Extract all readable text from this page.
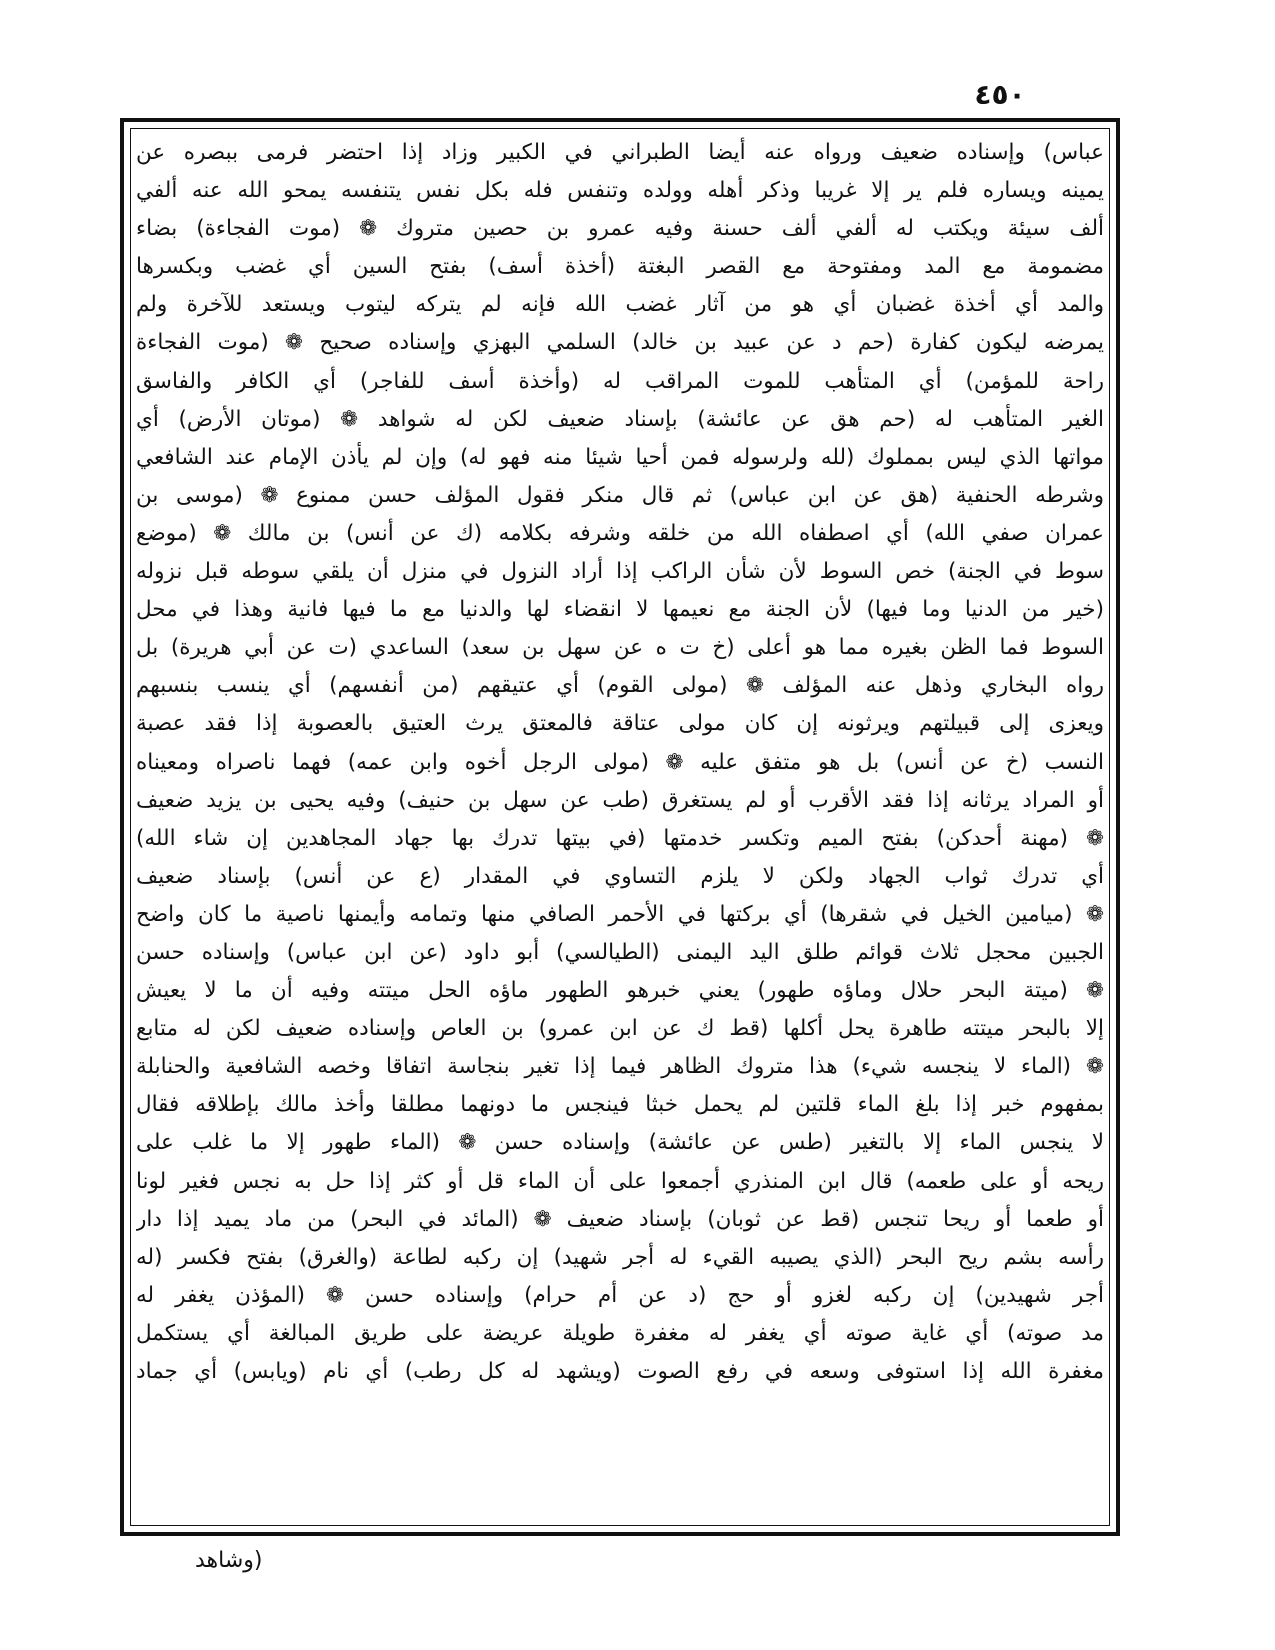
٤٥٠
عباس) وإسناده ضعيف ورواه عنه أيضا الطبراني في الكبير وزاد إذا احتضر فرمى ببصره عن
يمينه ويساره فلم ير إلا غريبا وذكر أهله وولده وتنفس فله بكل نفس يتنفسه يمحو الله عنه ألفي
ألف سيئة ويكتب له ألفي ألف حسنة وفيه عمرو بن حصين متروك ❁ (موت الفجاءة) بضاء
مضمومة مع المد ومفتوحة مع القصر البغتة (أخذة أسف) بفتح السين أي غضب وبكسرها
والمد أي أخذة غضبان أي هو من آثار غضب الله فإنه لم يتركه ليتوب ويستعد للآخرة ولم
يمرضه ليكون كفارة (حم د عن عبيد بن خالد) السلمي البهزي وإسناده صحيح ❁ (موت الفجاءة
راحة للمؤمن) أي المتأهب للموت المراقب له (وأخذة أسف للفاجر) أي الكافر والفاسق
الغير المتأهب له (حم هق عن عائشة) بإسناد ضعيف لكن له شواهد ❁ (موتان الأرض) أي
مواتها الذي ليس بمملوك (لله ولرسوله فمن أحيا شيئا منه فهو له) وإن لم يأذن الإمام عند الشافعي
وشرطه الحنفية (هق عن ابن عباس) ثم قال منكر فقول المؤلف حسن ممنوع ❁ (موسى بن
عمران صفي الله) أي اصطفاه الله من خلقه وشرفه بكلامه (ك عن أنس) بن مالك ❁ (موضع
سوط في الجنة) خص السوط لأن شأن الراكب إذا أراد النزول في منزل أن يلقي سوطه قبل نزوله
(خير من الدنيا وما فيها) لأن الجنة مع نعيمها لا انقضاء لها والدنيا مع ما فيها فانية وهذا في محل
السوط فما الظن بغيره مما هو أعلى (خ ت ه عن سهل بن سعد) الساعدي (ت عن أبي هريرة) بل
رواه البخاري وذهل عنه المؤلف ❁ (مولى القوم) أي عتيقهم (من أنفسهم) أي ينسب بنسبهم
ويعزى إلى قبيلتهم ويرثونه إن كان مولى عتاقة فالمعتق يرث العتيق بالعصوبة إذا فقد عصبة
النسب (خ عن أنس) بل هو متفق عليه ❁ (مولى الرجل أخوه وابن عمه) فهما ناصراه ومعيناه
أو المراد يرثانه إذا فقد الأقرب أو لم يستغرق (طب عن سهل بن حنيف) وفيه يحيى بن يزيد ضعيف
❁ (مهنة أحدكن) بفتح الميم وتكسر خدمتها (في بيتها تدرك بها جهاد المجاهدين إن شاء الله)
أي تدرك ثواب الجهاد ولكن لا يلزم التساوي في المقدار (ع عن أنس) بإسناد ضعيف
❁ (ميامين الخيل في شقرها) أي بركتها في الأحمر الصافي منها وتمامه وأيمنها ناصية ما كان واضح
الجبين محجل ثلاث قوائم طلق اليد اليمنى (الطيالسي) أبو داود (عن ابن عباس) وإسناده حسن
❁ (ميتة البحر حلال وماؤه طهور) يعني خبرهو الطهور ماؤه الحل ميتته وفيه أن ما لا يعيش
إلا بالبحر ميتته طاهرة يحل أكلها (قط ك عن ابن عمرو) بن العاص وإسناده ضعيف لكن له متابع
❁ (الماء لا ينجسه شيء) هذا متروك الظاهر فيما إذا تغير بنجاسة اتفاقا وخصه الشافعية والحنابلة
بمفهوم خبر إذا بلغ الماء قلتين لم يحمل خبثا فينجس ما دونهما مطلقا وأخذ مالك بإطلاقه فقال
لا ينجس الماء إلا بالتغير (طس عن عائشة) وإسناده حسن ❁ (الماء طهور إلا ما غلب على
ريحه أو على طعمه) قال ابن المنذري أجمعوا على أن الماء قل أو كثر إذا حل به نجس فغير لونا
أو طعما أو ريحا تنجس (قط عن ثوبان) بإسناد ضعيف ❁ (المائد في البحر) من ماد يميد إذا دار
رأسه بشم ريح البحر (الذي يصيبه القيء له أجر شهيد) إن ركبه لطاعة (والغرق) بفتح فكسر (له
أجر شهيدين) إن ركبه لغزو أو حج (د عن أم حرام) وإسناده حسن ❁ (المؤذن يغفر له
مد صوته) أي غاية صوته أي يغفر له مغفرة طويلة عريضة على طريق المبالغة أي يستكمل
مغفرة الله إذا استوفى وسعه في رفع الصوت (ويشهد له كل رطب) أي نام (ويابس) أي جماد
(وشاهد
